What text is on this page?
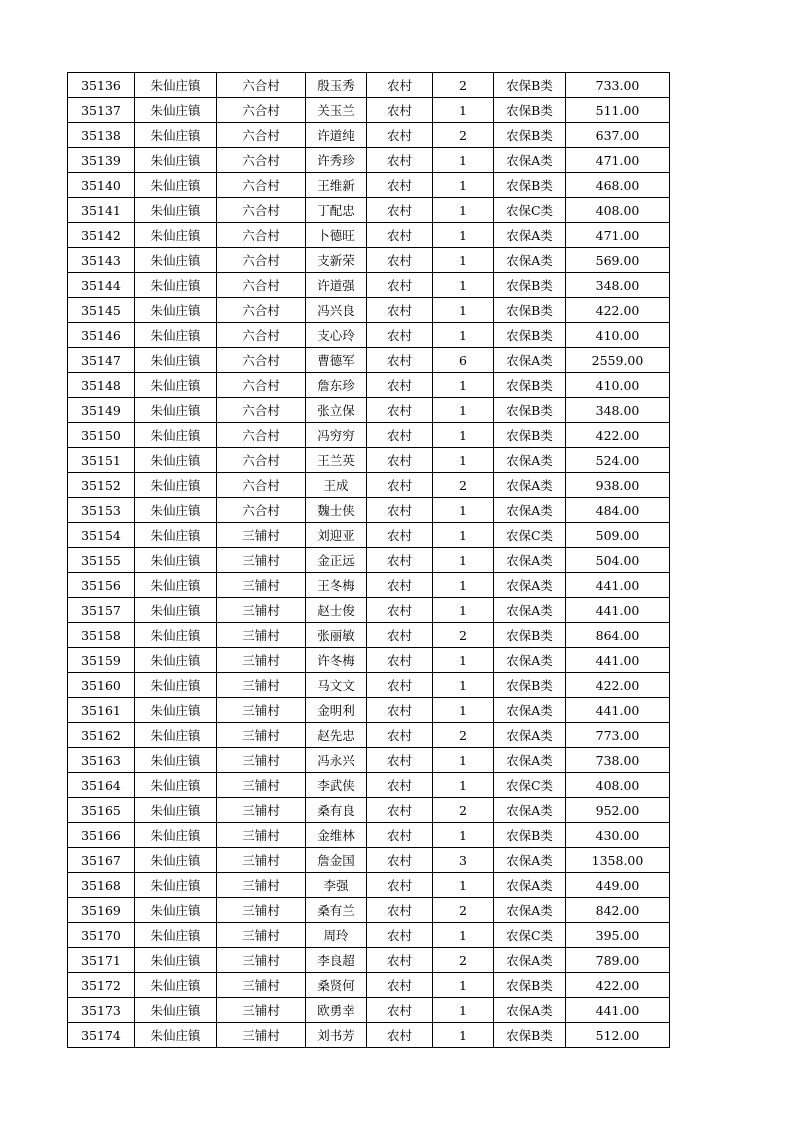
35136	朱仙庄镇	六合村	殷玉秀	农村	2	农保B类	733.00
35137	朱仙庄镇	六合村	关玉兰	农村	1	农保B类	511.00
35138	朱仙庄镇	六合村	许道纯	农村	2	农保B类	637.00
35139	朱仙庄镇	六合村	许秀珍	农村	1	农保A类	471.00
35140	朱仙庄镇	六合村	王维新	农村	1	农保B类	468.00
35141	朱仙庄镇	六合村	丁配忠	农村	1	农保C类	408.00
35142	朱仙庄镇	六合村	卜德旺	农村	1	农保A类	471.00
35143	朱仙庄镇	六合村	支新荣	农村	1	农保A类	569.00
35144	朱仙庄镇	六合村	许道强	农村	1	农保B类	348.00
35145	朱仙庄镇	六合村	冯兴良	农村	1	农保B类	422.00
35146	朱仙庄镇	六合村	支心玲	农村	1	农保B类	410.00
35147	朱仙庄镇	六合村	曹德军	农村	6	农保A类	2559.00
35148	朱仙庄镇	六合村	詹东珍	农村	1	农保B类	410.00
35149	朱仙庄镇	六合村	张立保	农村	1	农保B类	348.00
35150	朱仙庄镇	六合村	冯穷穷	农村	1	农保B类	422.00
35151	朱仙庄镇	六合村	王兰英	农村	1	农保A类	524.00
35152	朱仙庄镇	六合村	王成	农村	2	农保A类	938.00
35153	朱仙庄镇	六合村	魏士侠	农村	1	农保A类	484.00
35154	朱仙庄镇	三铺村	刘迎亚	农村	1	农保C类	509.00
35155	朱仙庄镇	三铺村	金正远	农村	1	农保A类	504.00
35156	朱仙庄镇	三铺村	王冬梅	农村	1	农保A类	441.00
35157	朱仙庄镇	三铺村	赵士俊	农村	1	农保A类	441.00
35158	朱仙庄镇	三铺村	张丽敏	农村	2	农保B类	864.00
35159	朱仙庄镇	三铺村	许冬梅	农村	1	农保A类	441.00
35160	朱仙庄镇	三铺村	马文文	农村	1	农保B类	422.00
35161	朱仙庄镇	三铺村	金明利	农村	1	农保A类	441.00
35162	朱仙庄镇	三铺村	赵先忠	农村	2	农保A类	773.00
35163	朱仙庄镇	三铺村	冯永兴	农村	1	农保A类	738.00
35164	朱仙庄镇	三铺村	李武侠	农村	1	农保C类	408.00
35165	朱仙庄镇	三铺村	桑有良	农村	2	农保A类	952.00
35166	朱仙庄镇	三铺村	金维林	农村	1	农保B类	430.00
35167	朱仙庄镇	三铺村	詹金国	农村	3	农保A类	1358.00
35168	朱仙庄镇	三铺村	李强	农村	1	农保A类	449.00
35169	朱仙庄镇	三铺村	桑有兰	农村	2	农保A类	842.00
35170	朱仙庄镇	三铺村	周玲	农村	1	农保C类	395.00
35171	朱仙庄镇	三铺村	李良超	农村	2	农保A类	789.00
35172	朱仙庄镇	三铺村	桑贤何	农村	1	农保B类	422.00
35173	朱仙庄镇	三铺村	欧勇幸	农村	1	农保A类	441.00
35174	朱仙庄镇	三铺村	刘书芳	农村	1	农保B类	512.00
